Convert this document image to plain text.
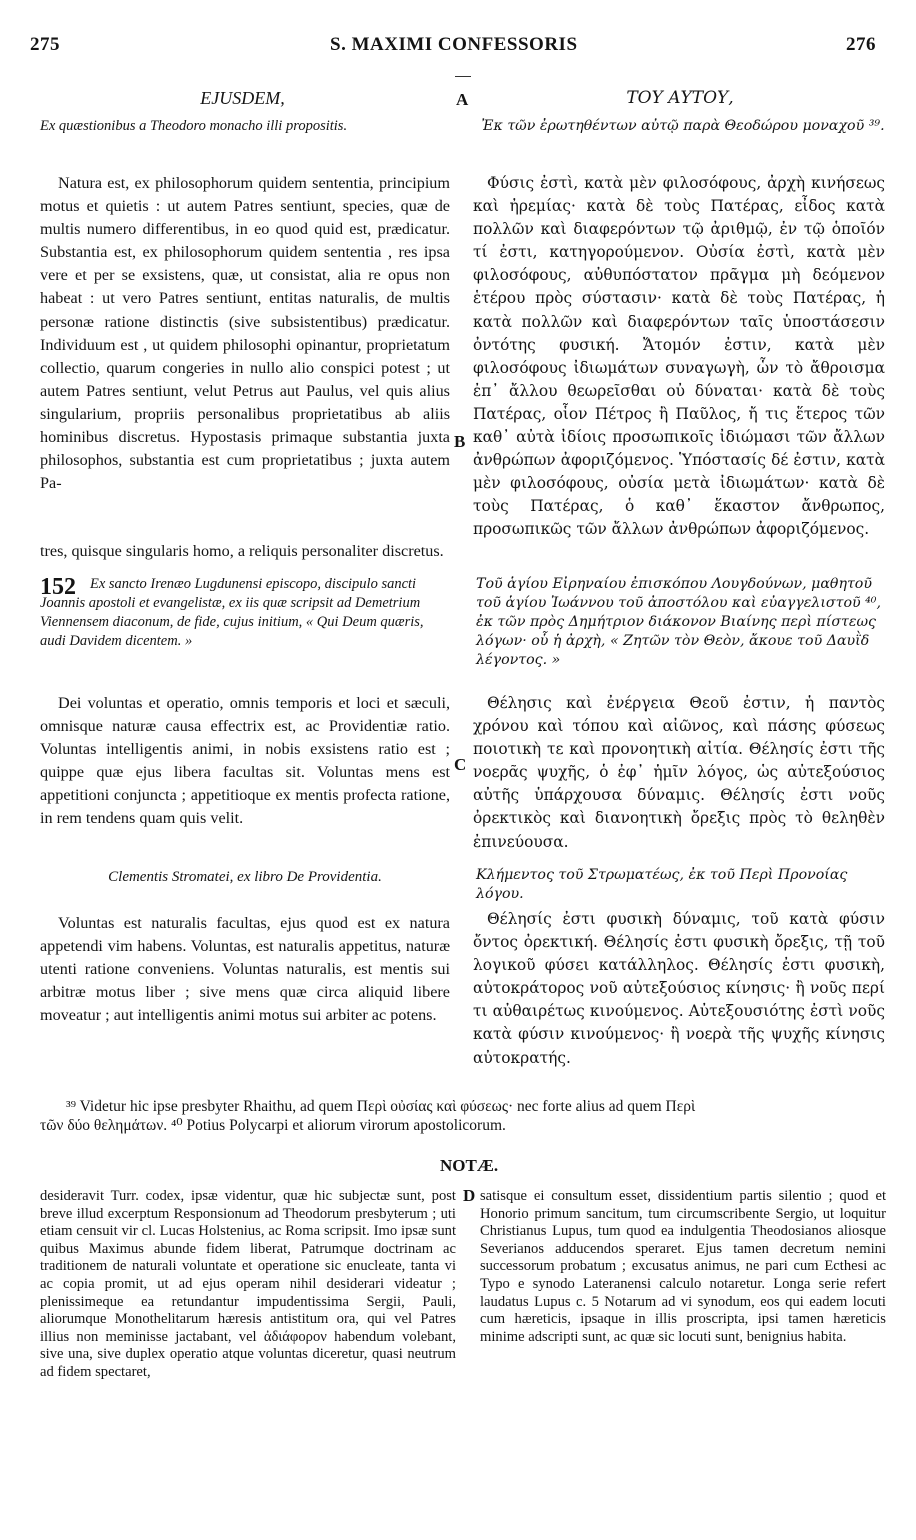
275	S. MAXIMI CONFESSORIS	276
A
B
C
D
EJUSDEM,
Ex quæstionibus a Theodoro monacho illi propositis.
ΤΟΥ ΑΥΤΟΥ,
Ἐκ τῶν ἐρωτηθέντων αὐτῷ παρὰ Θεοδώρου μοναχοῦ ³⁹.
Natura est, ex philosophorum quidem sententia, principium motus et quietis : ut autem Patres sentiunt, species, quæ de multis numero differentibus, in eo quod quid est, prædicatur. Substantia est, ex philosophorum quidem sententia , res ipsa vere et per se exsistens, quæ, ut consistat, alia re opus non habeat : ut vero Patres sentiunt, entitas naturalis, de multis personæ ratione distinctis (sive subsistentibus) prædicatur. Individuum est , ut quidem philosophi opinantur, proprietatum collectio, quarum congeries in nullo alio conspici potest ; ut autem Patres sentiunt, velut Petrus aut Paulus, vel quis alius singularium, propriis personalibus proprietatibus ab aliis hominibus discretus. Hypostasis primaque substantia juxta philosophos, substantia est cum proprietatibus ; juxta autem Pa-
tres, quisque singularis homo, a reliquis personaliter discretus.
Φύσις ἐστὶ, κατὰ μὲν φιλοσόφους, ἀρχὴ κινήσεως καὶ ἠρεμίας· κατὰ δὲ τοὺς Πατέρας, εἶδος κατὰ πολλῶν καὶ διαφερόντων τῷ ἀριθμῷ, ἐν τῷ ὁποῖόν τί ἐστι, κατηγορούμενον. Οὐσία ἐστὶ, κατὰ μὲν φιλοσόφους, αὐθυπόστατον πρᾶγμα μὴ δεόμενον ἑτέρου πρὸς σύστασιν· κατὰ δὲ τοὺς Πατέρας, ἡ κατὰ πολλῶν καὶ διαφερόντων ταῖς ὑποστάσεσιν ὀντότης φυσική. Ἄτομόν ἐστιν, κατὰ μὲν φιλοσόφους ἰδιωμάτων συναγωγὴ, ὧν τὸ ἄθροισμα ἐπ᾽ ἄλλου θεωρεῖσθαι οὐ δύναται· κατὰ δὲ τοὺς Πατέρας, οἷον Πέτρος ἢ Παῦλος, ἤ τις ἕτερος τῶν καθ᾽ αὐτὰ ἰδίοις προσωπικοῖς ἰδιώμασι τῶν ἄλλων ἀνθρώπων ἀφοριζόμενος. Ὑπόστασίς δέ ἐστιν, κατὰ μὲν φιλοσόφους, οὐσία μετὰ ἰδιωμάτων· κατὰ δὲ τοὺς Πατέρας, ὁ καθ᾽ ἕκαστον ἄνθρωπος, προσωπικῶς τῶν ἄλλων ἀνθρώπων ἀφοριζόμενος.
152 Ex sancto Irenæo Lugdunensi episcopo, discipulo sancti Joannis apostoli et evangelistæ, ex iis quæ scripsit ad Demetrium Viennensem diaconum, de fide, cujus initium, « Qui Deum quæris, audi Davidem dicentem. »
Τοῦ ἁγίου Εἰρηναίου ἐπισκόπου Λουγδούνων, μαθητοῦ τοῦ ἁγίου Ἰωάννου τοῦ ἀποστόλου καὶ εὐαγγελιστοῦ ⁴⁰, ἐκ τῶν πρὸς Δημήτριον διάκονον Βιαίνης περὶ πίστεως λόγων· οὗ ἡ ἀρχὴ, « Ζητῶν τὸν Θεὸν, ἄκουε τοῦ Δαυῒδ λέγοντος. »
Dei voluntas et operatio, omnis temporis et loci et sæculi, omnisque naturæ causa effectrix est, ac Providentiæ ratio. Voluntas intelligentis animi, in nobis exsistens ratio est ; quippe quæ ejus libera facultas sit. Voluntas mens est appetitioni conjuncta ; appetitioque ex mentis profecta ratione, in rem tendens quam quis velit.
Θέλησις καὶ ἐνέργεια Θεοῦ ἐστιν, ἡ παντὸς χρόνου καὶ τόπου καὶ αἰῶνος, καὶ πάσης φύσεως ποιοτικὴ τε καὶ προνοητικὴ αἰτία. Θέλησίς ἐστι τῆς νοερᾶς ψυχῆς, ὁ ἐφ᾽ ἡμῖν λόγος, ὡς αὐτεξούσιος αὐτῆς ὑπάρχουσα δύναμις. Θέλησίς ἐστι νοῦς ὀρεκτικὸς καὶ διανοητικὴ ὄρεξις πρὸς τὸ θεληθὲν ἐπινεύουσα.
Clementis Stromatei, ex libro De Providentia.	Κλήμεντος τοῦ Στρωματέως, ἐκ τοῦ Περὶ Προνοίας λόγου.
Voluntas est naturalis facultas, ejus quod est ex natura appetendi vim habens. Voluntas, est naturalis appetitus, naturæ utenti ratione conveniens. Voluntas naturalis, est mentis sui arbitræ motus liber ; sive mens quæ circa aliquid libere moveatur ; aut intelligentis animi motus sui arbiter ac potens.
Θέλησίς ἐστι φυσικὴ δύναμις, τοῦ κατὰ φύσιν ὄντος ὀρεκτική. Θέλησίς ἐστι φυσικὴ ὄρεξις, τῇ τοῦ λογικοῦ φύσει κατάλληλος. Θέλησίς ἐστι φυσικὴ, αὐτοκράτορος νοῦ αὐτεξούσιος κίνησις· ἢ νοῦς περί τι αὐθαιρέτως κινούμενος. Αὐτεξουσιότης ἐστὶ νοῦς κατὰ φύσιν κινούμενος· ἢ νοερὰ τῆς ψυχῆς κίνησις αὐτοκρατής.
³⁹ Videtur hic ipse presbyter Rhaithu, ad quem Περὶ οὐσίας καὶ φύσεως· nec forte alius ad quem Περὶ
τῶν δύο θελημάτων. ⁴⁰ Potius Polycarpi et aliorum virorum apostolicorum.
NOTÆ.
desideravit Turr. codex, ipsæ videntur, quæ hic subjectæ sunt, post breve illud excerptum Responsionum ad Theodorum presbyterum ; uti etiam censuit vir cl. Lucas Holstenius, ac Roma scripsit. Imo ipsæ sunt quibus Maximus abunde fidem liberat, Patrumque doctrinam ac traditionem de naturali voluntate et operatione sic enucleate, tanta vi ac copia promit, ut ad ejus operam nihil desiderari videatur ; plenissimeque ea retundantur impudentissima Sergii, Pauli, aliorumque Monothelitarum hæresis antistitum ora, qui vel Patres illius non meminisse jactabant, vel ἀδιάφορον habendum volebant, sive una, sive duplex operatio atque voluntas diceretur, quasi neutrum ad fidem spectaret,
satisque ei consultum esset, dissidentium partis silentio ; quod et Honorio primum sancitum, tum circumscribente Sergio, ut loquitur Christianus Lupus, tum quod ea indulgentia Theodosianos aliosque Severianos adducendos speraret. Ejus tamen decretum nemini successorum probatum ; excusatus animus, ne pari cum Ecthesi ac Typo e synodo Lateranensi calculo notaretur. Longa serie refert laudatus Lupus c. 5 Notarum ad vi synodum, eos qui eadem locuti cum hæreticis, ipsaque in illis proscripta, ipsi tamen hæreticis minime adscripti sunt, ac quæ sic locuti sunt, benignius habita.
